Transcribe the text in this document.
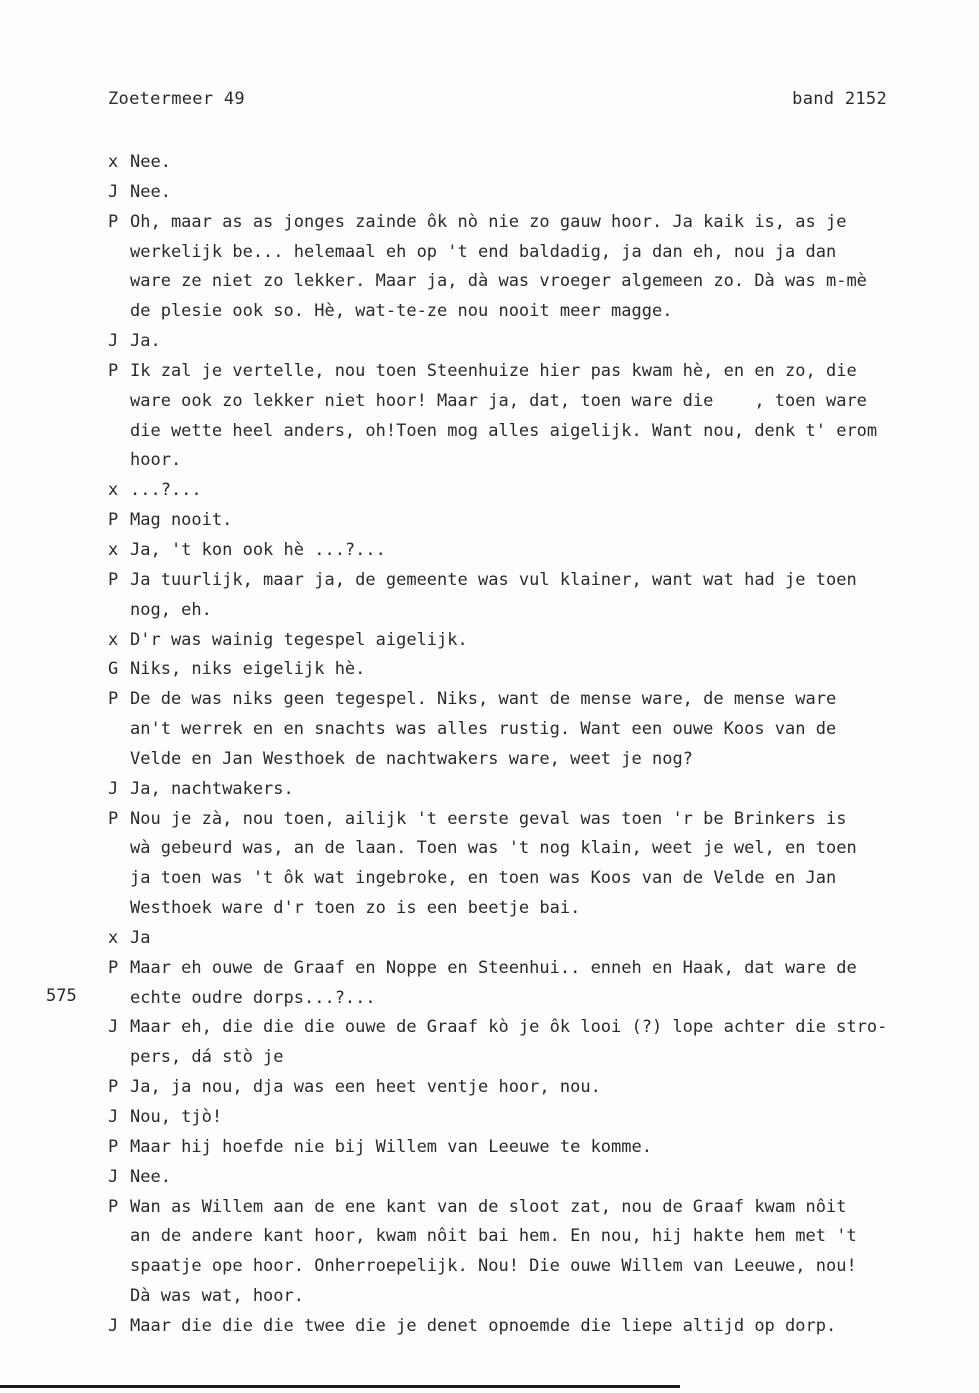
Zoetermeer 49	band 2152
575
x Nee.
J Nee.
P Oh, maar as as jonges zainde ôk nò nie zo gauw hoor. Ja kaik is, as je
werkelijk be... helemaal eh op 't end baldadig, ja dan eh, nou ja dan
ware ze niet zo lekker. Maar ja, dà was vroeger algemeen zo. Dà was m-mè
de plesie ook so. Hè, wat-te-ze nou nooit meer magge.
J Ja.
P Ik zal je vertelle, nou toen Steenhuize hier pas kwam hè, en en zo, die
ware ook zo lekker niet hoor! Maar ja, dat, toen ware die    , toen ware
die wette heel anders, oh!Toen mog alles aigelijk. Want nou, denk t' erom
hoor.
x ...?...
P Mag nooit.
x Ja, 't kon ook hè ...?...
P Ja tuurlijk, maar ja, de gemeente was vul klainer, want wat had je toen
nog, eh.
x D'r was wainig tegespel aigelijk.
G Niks, niks eigelijk hè.
P De de was niks geen tegespel. Niks, want de mense ware, de mense ware
an't werrek en en snachts was alles rustig. Want een ouwe Koos van de
Velde en Jan Westhoek de nachtwakers ware, weet je nog?
J Ja, nachtwakers.
P Nou je zà, nou toen, ailijk 't eerste geval was toen 'r be Brinkers is
wà gebeurd was, an de laan. Toen was 't nog klain, weet je wel, en toen
ja toen was 't ôk wat ingebroke, en toen was Koos van de Velde en Jan
Westhoek ware d'r toen zo is een beetje bai.
x Ja
P Maar eh ouwe de Graaf en Noppe en Steenhui.. enneh en Haak, dat ware de
echte oudre dorps...?...
J Maar eh, die die die ouwe de Graaf kò je ôk looi (?) lope achter die stro-
pers, dá stò je
P Ja, ja nou, dja was een heet ventje hoor, nou.
J Nou, tjò!
P Maar hij hoefde nie bij Willem van Leeuwe te komme.
J Nee.
P Wan as Willem aan de ene kant van de sloot zat, nou de Graaf kwam nôit
an de andere kant hoor, kwam nôit bai hem. En nou, hij hakte hem met 't
spaatje ope hoor. Onherroepelijk. Nou! Die ouwe Willem van Leeuwe, nou!
Dà was wat, hoor.
J Maar die die die twee die je denet opnoemde die liepe altijd op dorp.
